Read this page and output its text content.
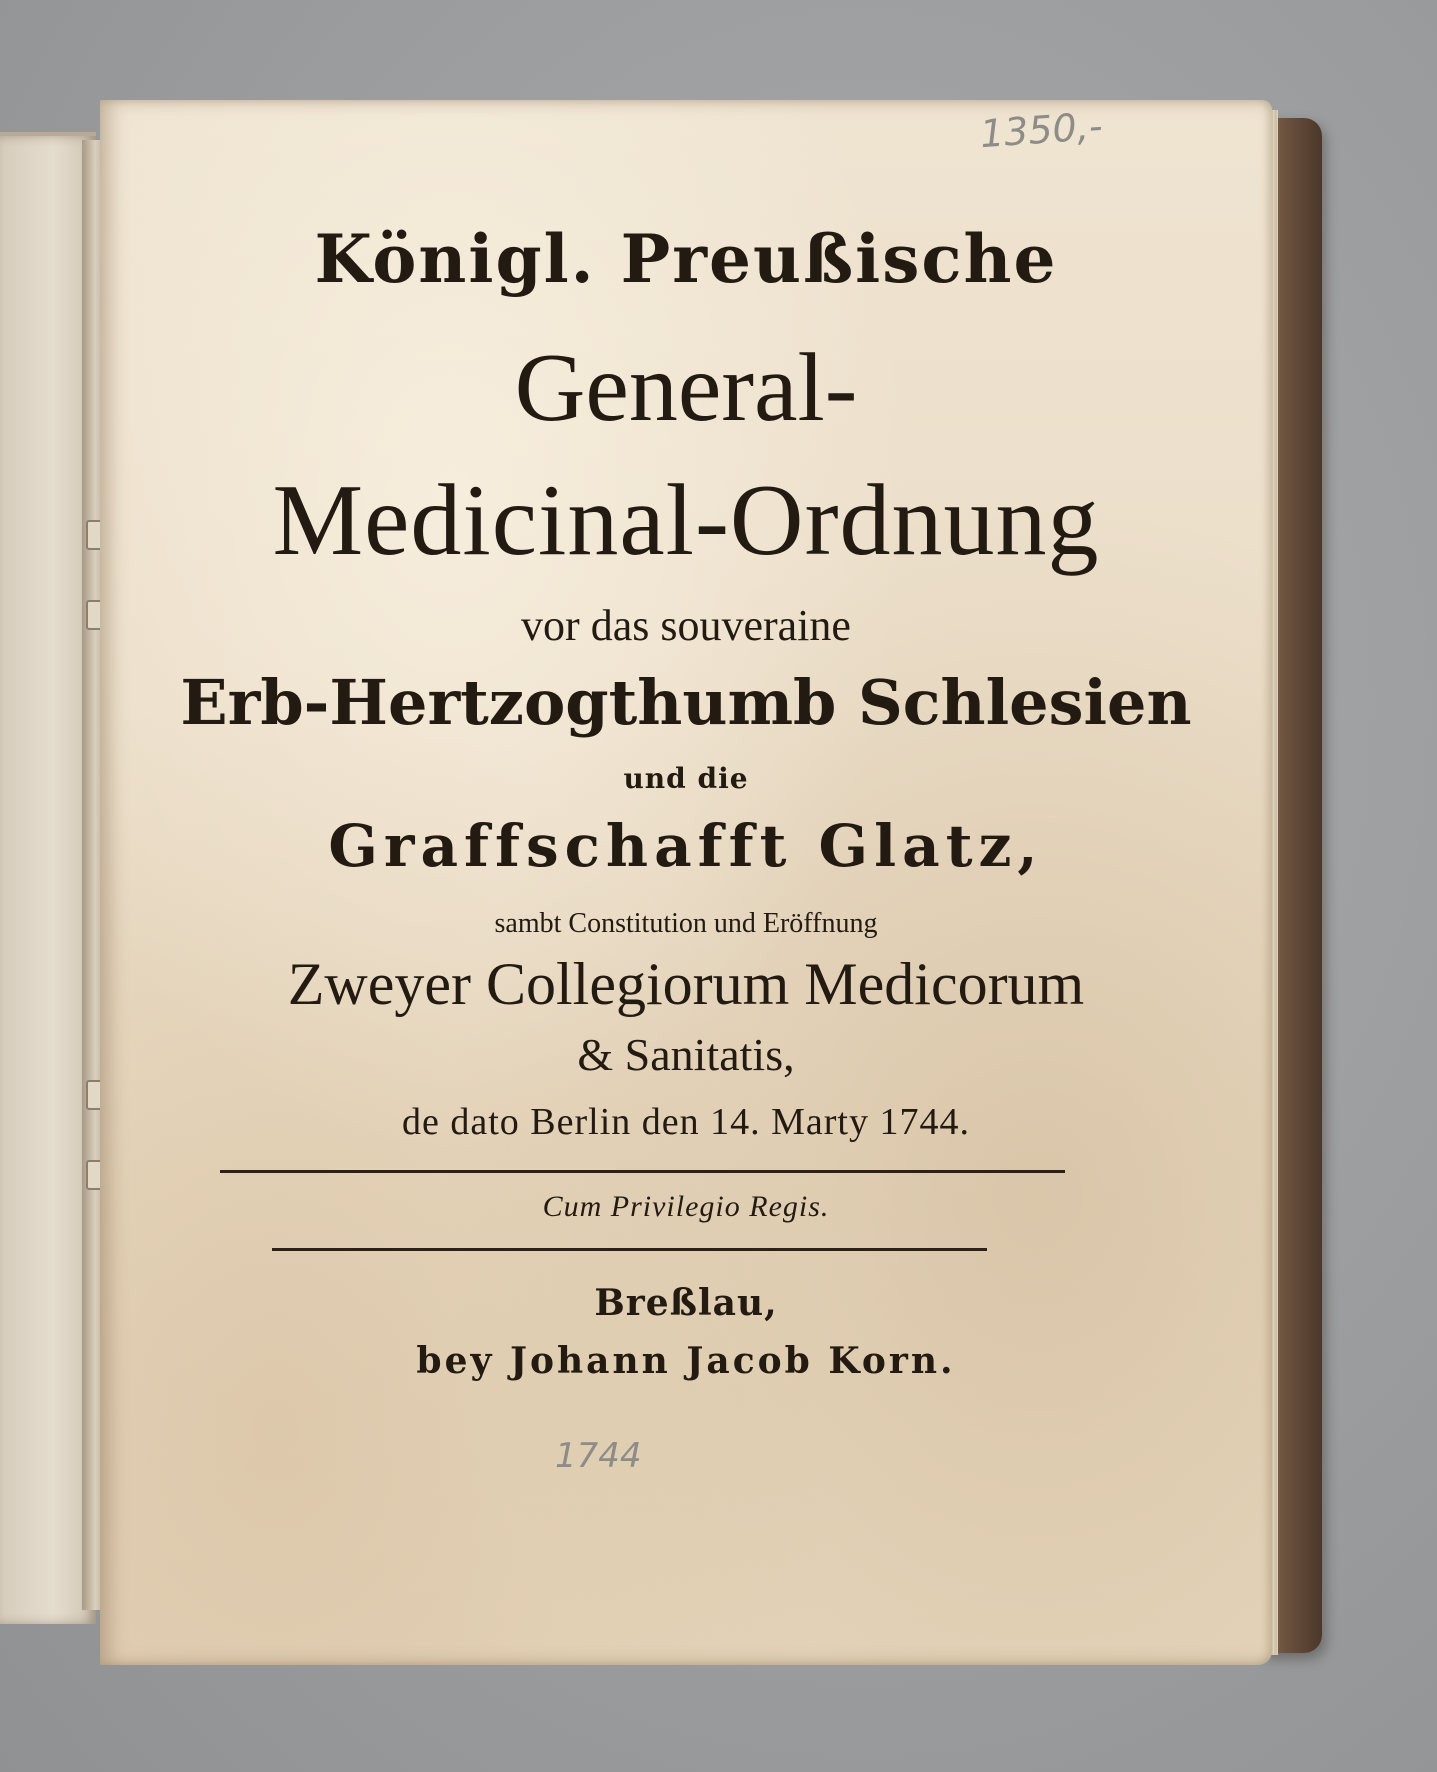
1350,-
Königl. Preußische
General-
Medicinal-Ordnung
vor das souveraine
Erb-Hertzogthumb Schlesien
und die
Graffschafft Glatz,
sambt Constitution und Eröffnung
Zweyer Collegiorum Medicorum
& Sanitatis,
de dato Berlin den 14. Marty 1744.
Cum Privilegio Regis.
Breßlau,
bey Johann Jacob Korn.
1744
